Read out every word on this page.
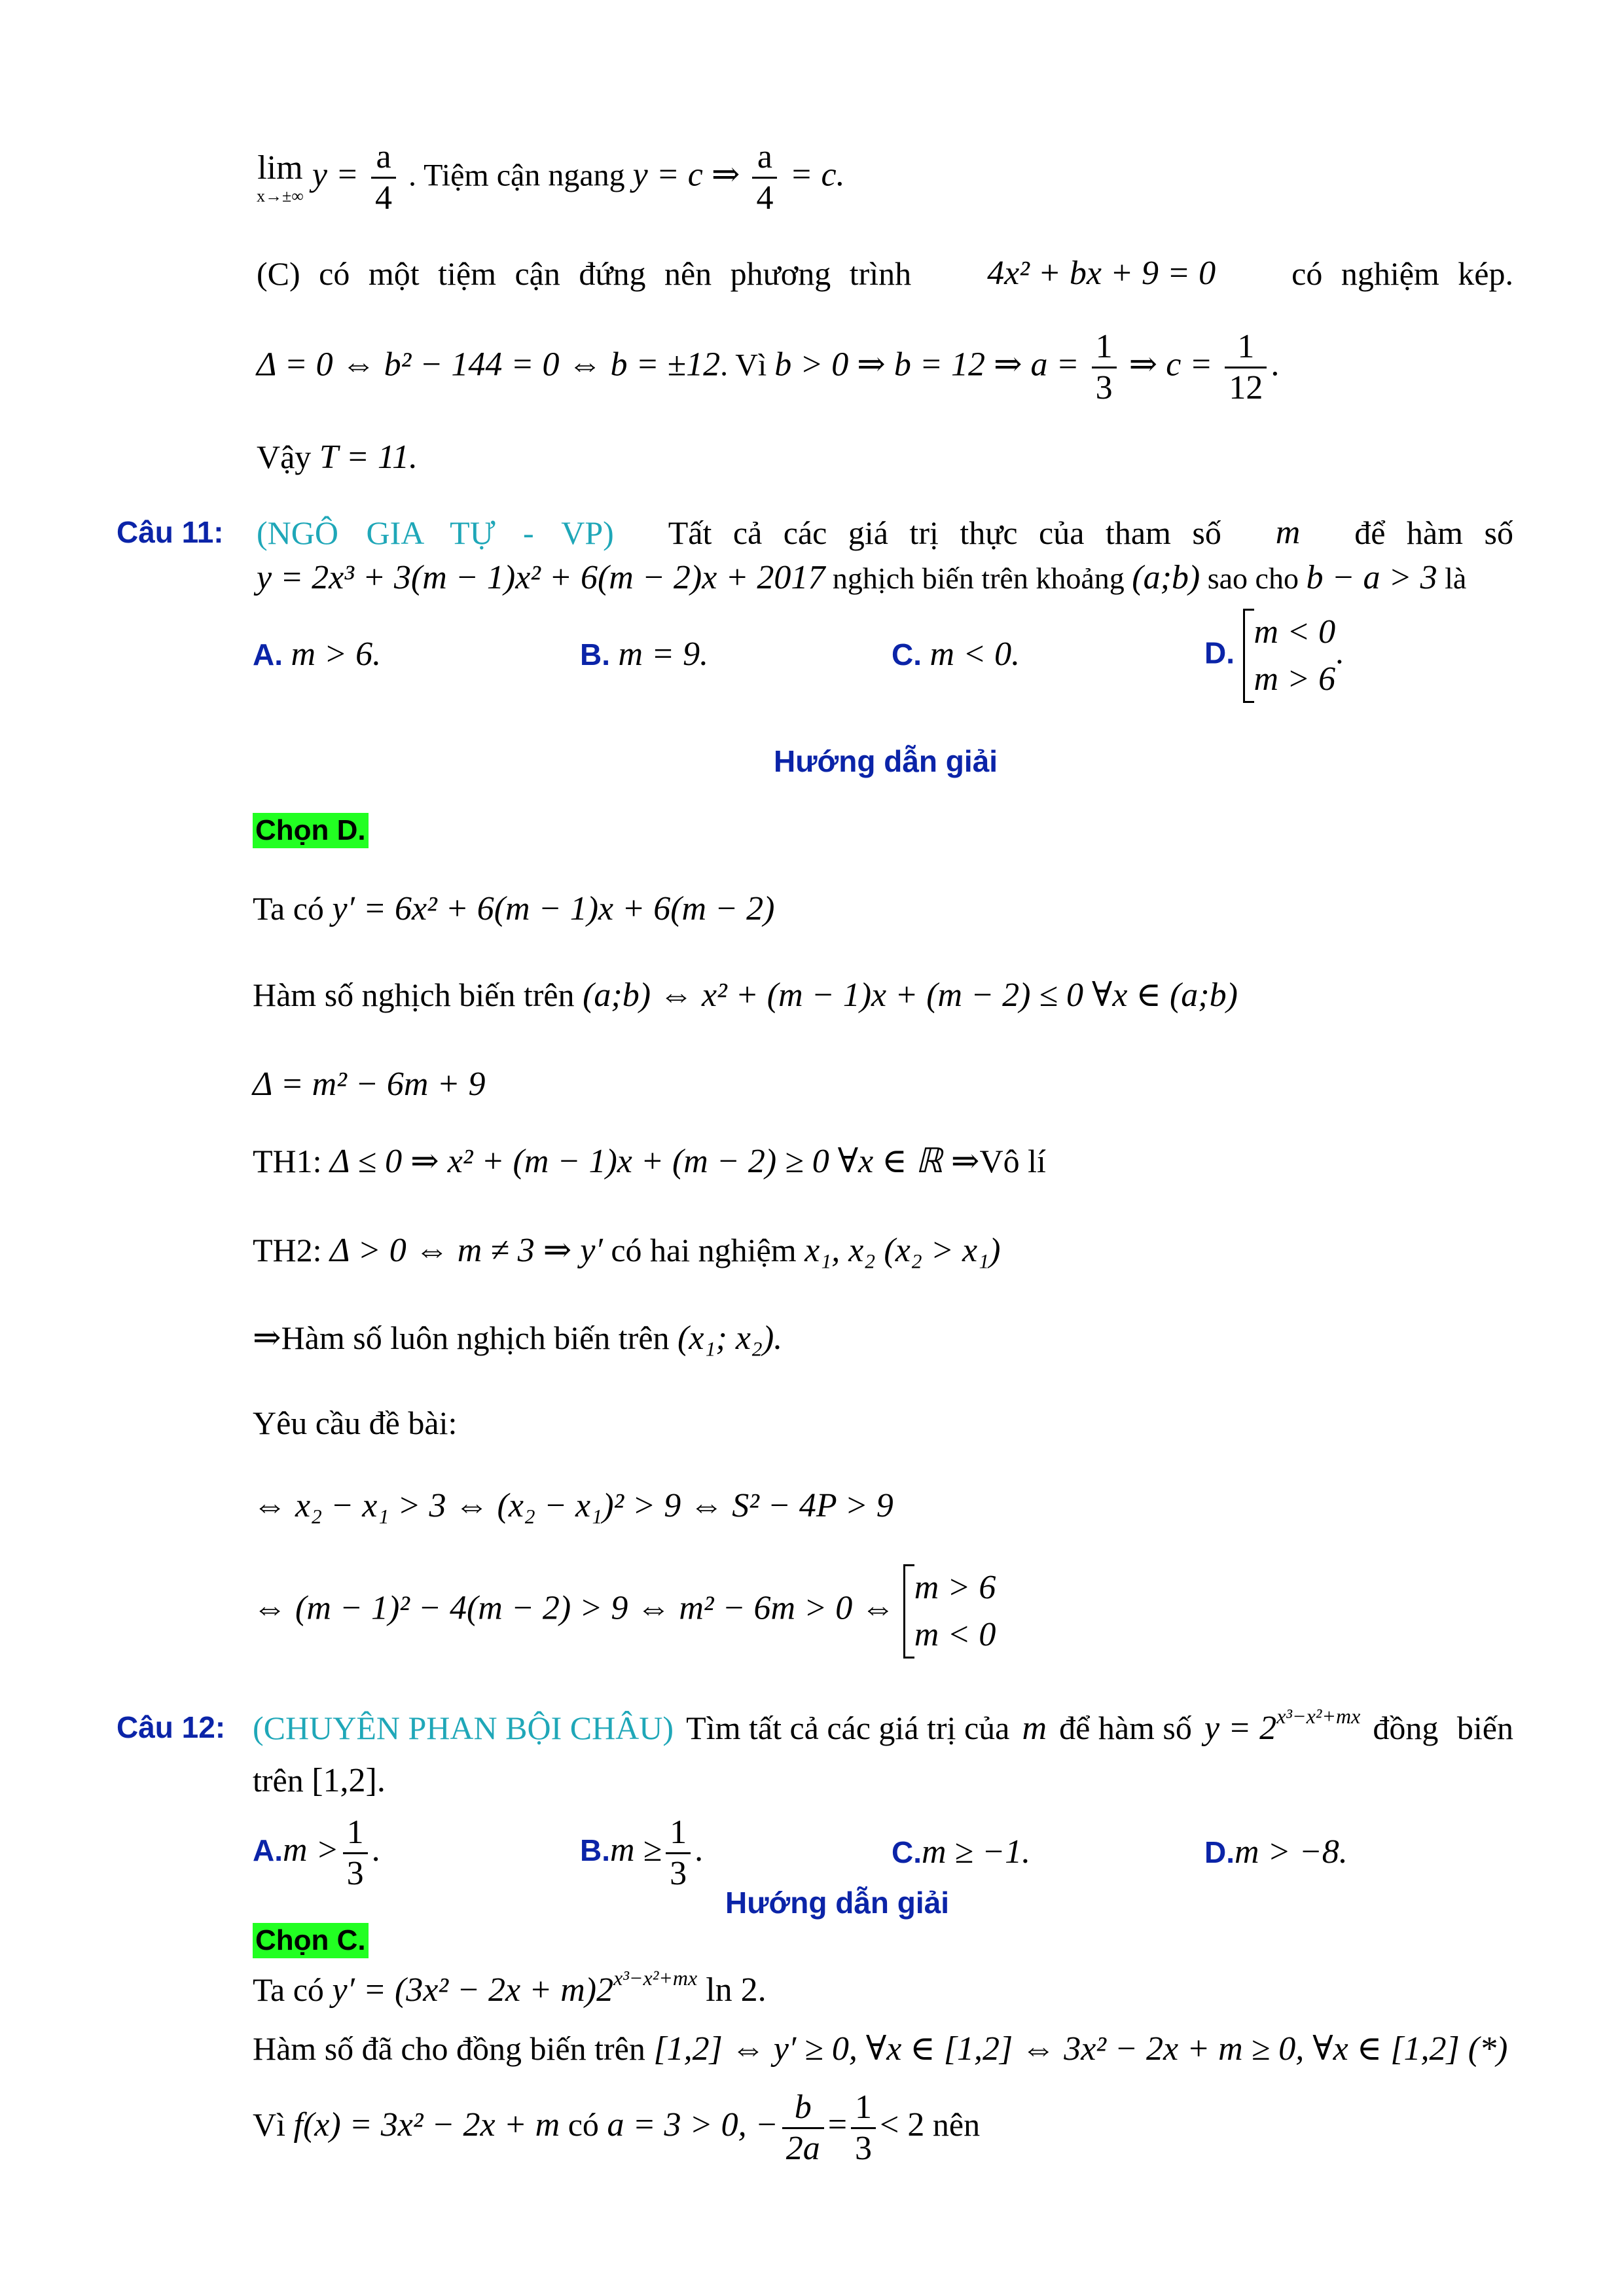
lim
x→±∞
$y = \frac{a}{4}$ . Tiệm cận ngang y = c ⇒ $\frac{a}{4} = c$.
(C) có một tiệm cận đứng nên phương trình 4x² + bx + 9 = 0 có nghiệm kép.
Δ = 0 ⇔ b² − 144 = 0 ⇔ b = ±12. Vì b > 0 ⇒ b = 12 ⇒ $a = \frac{1}{3}$ ⇒ $c = \frac{1}{12}$ .
Vậy T = 11.
Câu 11: (NGÔ GIA TỰ - VP) Tất cả các giá trị thực của tham số m để hàm số
y = 2x³ + 3(m − 1)x² + 6(m − 2)x + 2017 nghịch biến trên khoảng (a;b) sao cho b − a > 3 là
A. m > 6.	B. m = 9.	C. m < 0.	D.
m < 0
m > 6
.
Hướng dẫn giải
Chọn D.
Ta có y′ = 6x² + 6(m − 1)x + 6(m − 2)
Hàm số nghịch biến trên (a;b) ⇔ x² + (m − 1)x + (m − 2) ≤ 0 ∀x ∈ (a;b)
Δ = m² − 6m + 9
TH1: Δ ≤ 0 ⇒ x² + (m − 1)x + (m − 2) ≥ 0 ∀x ∈ ℝ ⇒Vô lí
TH2: Δ > 0 ⇔ m ≠ 3 ⇒ y′ có hai nghiệm x₁, x₂ (x₂ > x₁)
⇒Hàm số luôn nghịch biến trên (x₁; x₂).
Yêu cầu đề bài:
⇔ x₂ − x₁ > 3 ⇔ (x₂ − x₁)² > 9 ⇔ S² − 4P > 9
⇔ (m − 1)² − 4(m − 2) > 9 ⇔ m² − 6m > 0 ⇔
m > 6
m < 0
Câu 12: (CHUYÊN PHAN BỘI CHÂU) Tìm tất cả các giá trị của m để hàm số $y = 2^{x^3-x^2+mx}$ đồng biến
trên [1,2].
$A.m > \frac{1}{3}$ .	$B.m \ge \frac{1}{3}$ .	C.m ≥ −1.	D.m > −8.
Hướng dẫn giải
Chọn C.
Ta có $y' = (3x^2 - 2x + m)2^{x^3-x^2+mx}$ ln 2.
Hàm số đã cho đồng biến trên [1,2] ⇔ y′ ≥ 0, ∀x ∈ [1,2] ⇔ 3x² − 2x + m ≥ 0, ∀x ∈ [1,2] (*)
Vì f(x) = 3x² − 2x + m có a = 3 > 0, − $\frac{b}{2a} = \frac{1}{3} < 2$ nên
